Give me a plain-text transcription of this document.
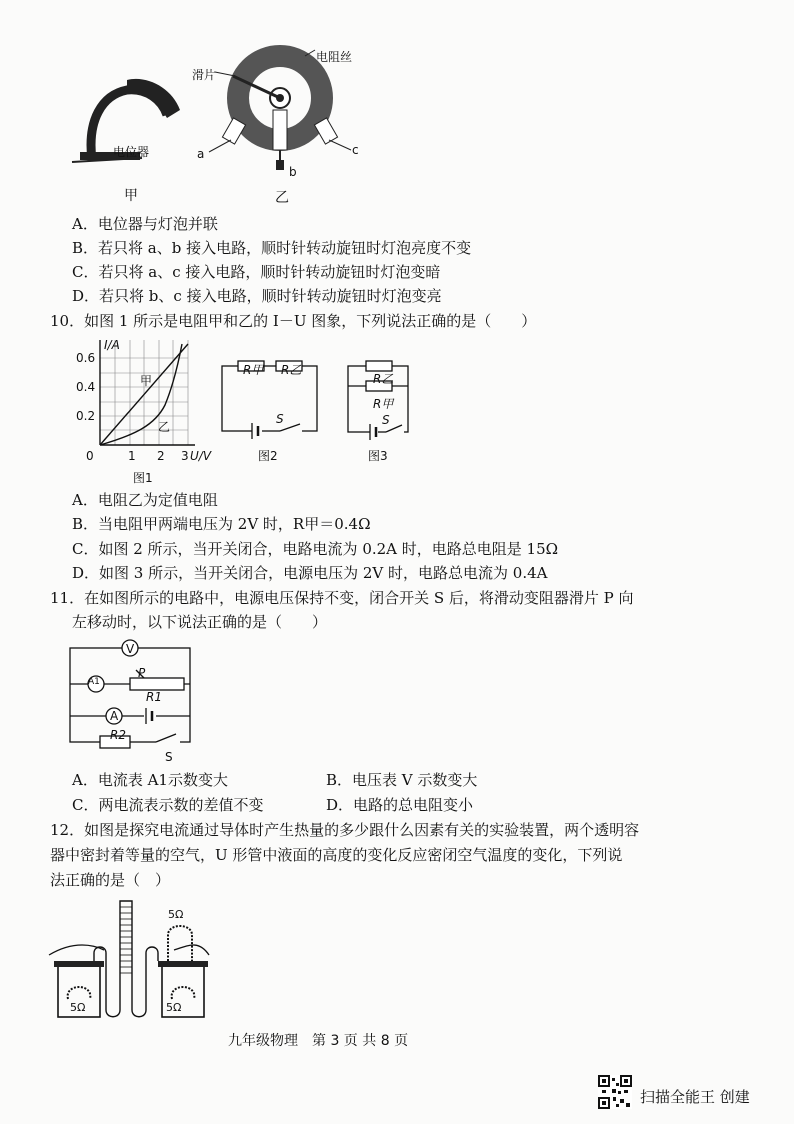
电位器
甲
滑片
电阻丝
a
b
c
乙
A．电位器与灯泡并联
B．若只将 a、b 接入电路，顺时针转动旋钮时灯泡亮度不变
C．若只将 a、c 接入电路，顺时针转动旋钮时灯泡变暗
D．若只将 b、c 接入电路，顺时针转动旋钮时灯泡变亮
10．如图 1 所示是电阻甲和乙的 I－U 图象，下列说法正确的是（　　）
I/A
0.6
0.4
0.2
0	1 2 3 U/V
甲
乙
图1
R甲 R乙
S
图2
R乙
R甲
S
图3
A．电阻乙为定值电阻
B．当电阻甲两端电压为 2V 时，R甲＝0.4Ω
C．如图 2 所示，当开关闭合，电路电流为 0.2A 时，电路总电阻是 15Ω
D．如图 3 所示，当开关闭合，电源电压为 2V 时，电路总电流为 0.4A
11．在如图所示的电路中，电源电压保持不变，闭合开关 S 后，将滑动变阻器滑片 P 向
左移动时，以下说法正确的是（　　）
V
A1
P
R1
A
R2
S
A．电流表 A1示数变大	B．电压表 V 示数变大
C．两电流表示数的差值不变	D．电路的总电阻变小
12．如图是探究电流通过导体时产生热量的多少跟什么因素有关的实验装置，两个透明容
器中密封着等量的空气，U 形管中液面的高度的变化反应密闭空气温度的变化，下列说
法正确的是（　）
5Ω
5Ω	5Ω
九年级物理　第 3 页 共 8 页
扫描全能王 创建
